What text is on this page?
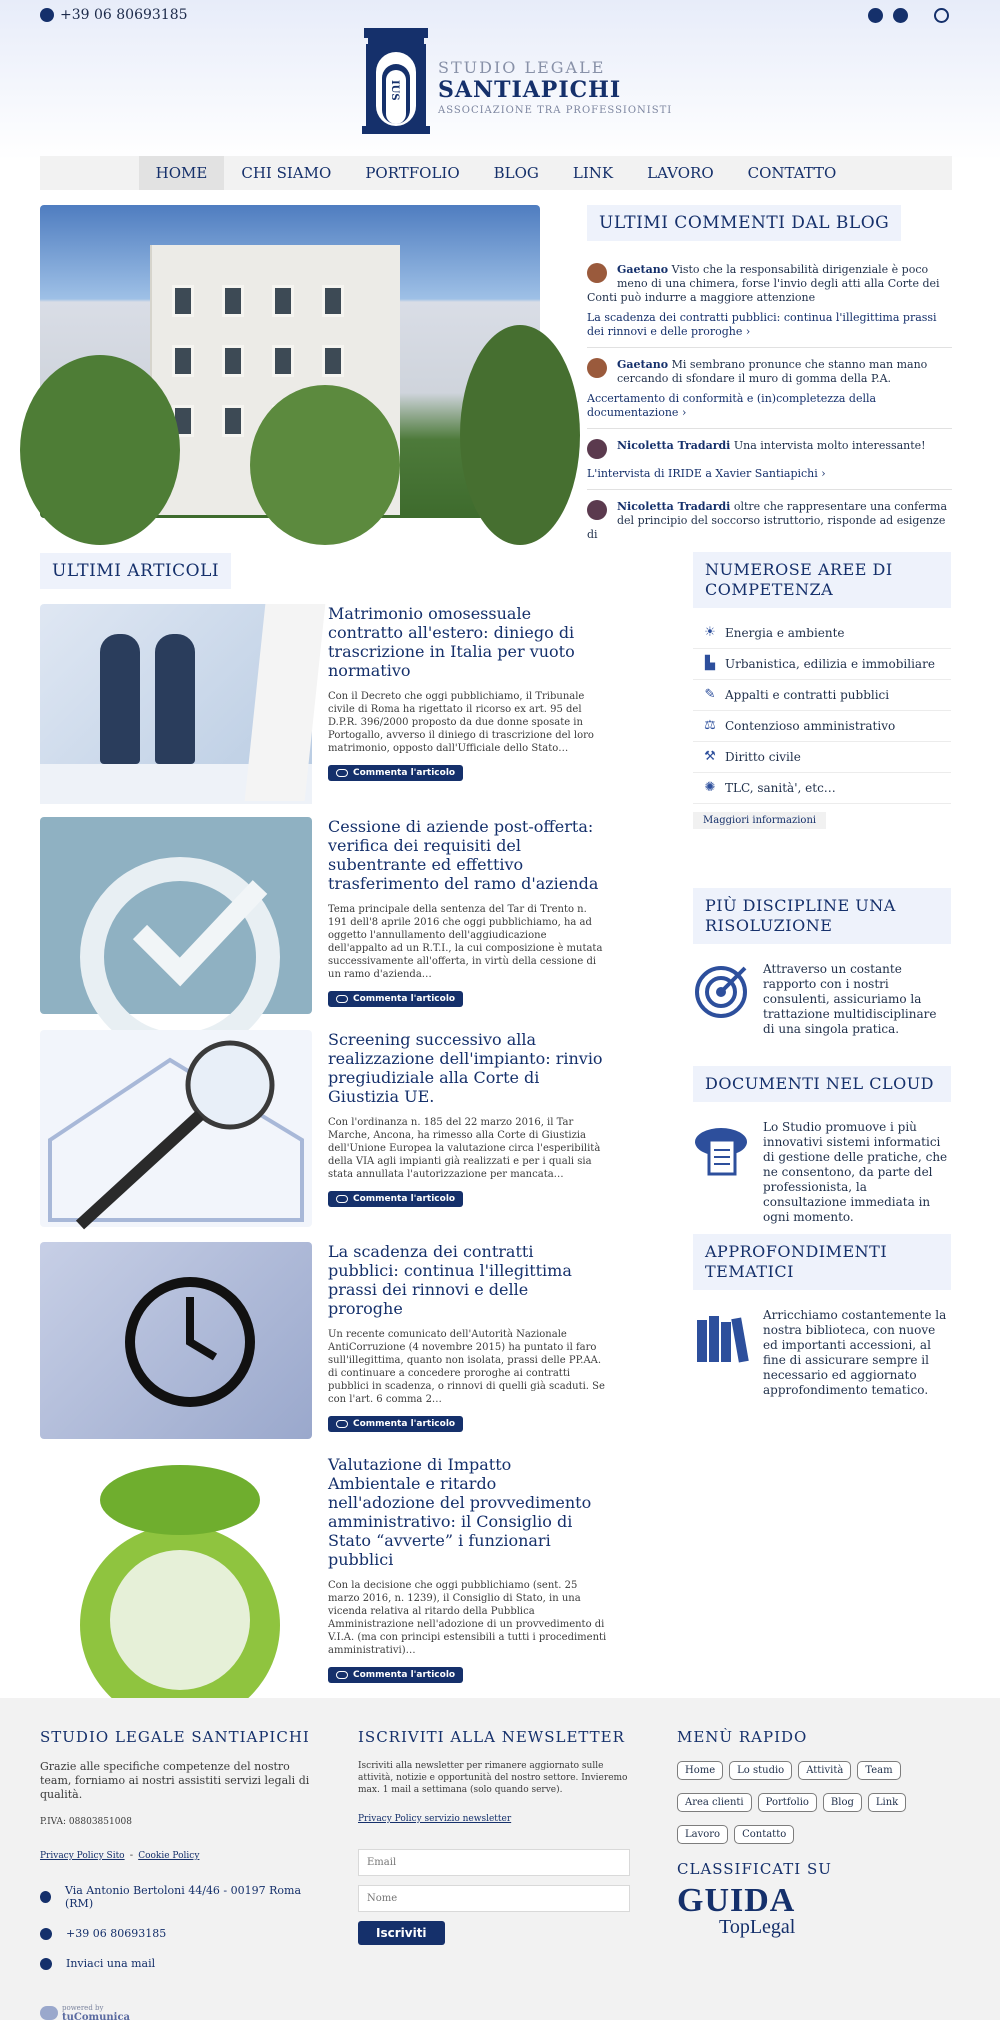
+39 06 80693185
IUS
STUDIO LEGALE
SANTIAPICHI
ASSOCIAZIONE TRA PROFESSIONISTI
HOME	CHI SIAMO	PORTFOLIO	BLOG	LINK	LAVORO	CONTATTO
ULTIMI COMMENTI DAL BLOG
Gaetano Visto che la responsabilità dirigenziale è poco meno di una chimera, forse l'invio degli atti alla Corte dei Conti può indurre a maggiore attenzione
La scadenza dei contratti pubblici: continua l'illegittima prassi dei rinnovi e delle proroghe ›
Gaetano Mi sembrano pronunce che stanno man mano cercando di sfondare il muro di gomma della P.A.
Accertamento di conformità e (in)completezza della documentazione ›
Nicoletta Tradardi Una intervista molto interessante!
L'intervista di IRIDE a Xavier Santiapichi ›
Nicoletta Tradardi oltre che rappresentare una conferma del principio del soccorso istruttorio, risponde ad esigenze di
ULTIMI ARTICOLI
Matrimonio omosessuale contratto all'estero: diniego di trascrizione in Italia per vuoto normativo
Con il Decreto che oggi pubblichiamo, il Tribunale civile di Roma ha rigettato il ricorso ex art. 95 del D.P.R. 396/2000 proposto da due donne sposate in Portogallo, avverso il diniego di trascrizione del loro matrimonio, opposto dall'Ufficiale dello Stato…
Commenta l'articolo
Cessione di aziende post-offerta: verifica dei requisiti del subentrante ed effettivo trasferimento del ramo d'azienda
Tema principale della sentenza del Tar di Trento n. 191 dell'8 aprile 2016 che oggi pubblichiamo, ha ad oggetto l'annullamento dell'aggiudicazione dell'appalto ad un R.T.I., la cui composizione è mutata successivamente all'offerta, in virtù della cessione di un ramo d'azienda…
Commenta l'articolo
Screening successivo alla realizzazione dell'impianto: rinvio pregiudiziale alla Corte di Giustizia UE.
Con l'ordinanza n. 185 del 22 marzo 2016, il Tar Marche, Ancona, ha rimesso alla Corte di Giustizia dell'Unione Europea la valutazione circa l'esperibilità della VIA agli impianti già realizzati e per i quali sia stata annullata l'autorizzazione per mancata…
Commenta l'articolo
La scadenza dei contratti pubblici: continua l'illegittima prassi dei rinnovi e delle proroghe
Un recente comunicato dell'Autorità Nazionale AntiCorruzione (4 novembre 2015) ha puntato il faro sull'illegittima, quanto non isolata, prassi delle PP.AA. di continuare a concedere proroghe ai contratti pubblici in scadenza, o rinnovi di quelli già scaduti. Se con l'art. 6 comma 2…
Commenta l'articolo
Valutazione di Impatto Ambientale e ritardo nell'adozione del provvedimento amministrativo: il Consiglio di Stato “avverte” i funzionari pubblici
Con la decisione che oggi pubblichiamo (sent. 25 marzo 2016, n. 1239), il Consiglio di Stato, in una vicenda relativa al ritardo della Pubblica Amministrazione nell'adozione di un provvedimento di V.I.A. (ma con principi estensibili a tutti i procedimenti amministrativi)…
Commenta l'articolo
NUMEROSE AREE DI COMPETENZA
☀ Energia e ambiente
▙ Urbanistica, edilizia e immobiliare
✎ Appalti e contratti pubblici
⚖ Contenzioso amministrativo
⚒ Diritto civile
✺ TLC, sanità', etc…
Maggiori informazioni
PIÙ DISCIPLINE UNA RISOLUZIONE

Attraverso un costante rapporto con i nostri consulenti, assicuriamo la trattazione multidisciplinare di una singola pratica.

DOCUMENTI NEL CLOUD

Lo Studio promuove i più innovativi sistemi informatici di gestione delle pratiche, che ne consentono, da parte del professionista, la consultazione immediata in ogni momento.

APPROFONDIMENTI TEMATICI

Arricchiamo costantemente la nostra biblioteca, con nuove ed importanti accessioni, al fine di assicurare sempre il necessario ed aggiornato approfondimento tematico.

STUDIO LEGALE SANTIAPICHI
Grazie alle specifiche competenze del nostro team, forniamo ai nostri assistiti servizi legali di qualità.
P.IVA: 08803851008
Privacy Policy Sito - Cookie Policy
Via Antonio Bertoloni 44/46 - 00197 Roma (RM)
+39 06 80693185
Inviaci una mail
powered by
tuComunica
ISCRIVITI ALLA NEWSLETTER
Iscriviti alla newsletter per rimanere aggiornato sulle attività, notizie e opportunità del nostro settore. Invieremo max. 1 mail a settimana (solo quando serve).
Privacy Policy servizio newsletter
Email Nome
Iscriviti
MENÙ RAPIDO
Home Lo studio Attività TeamArea clienti Portfolio Blog LinkLavoro Contatto
CLASSIFICATI SU
GUIDA
TopLegal
